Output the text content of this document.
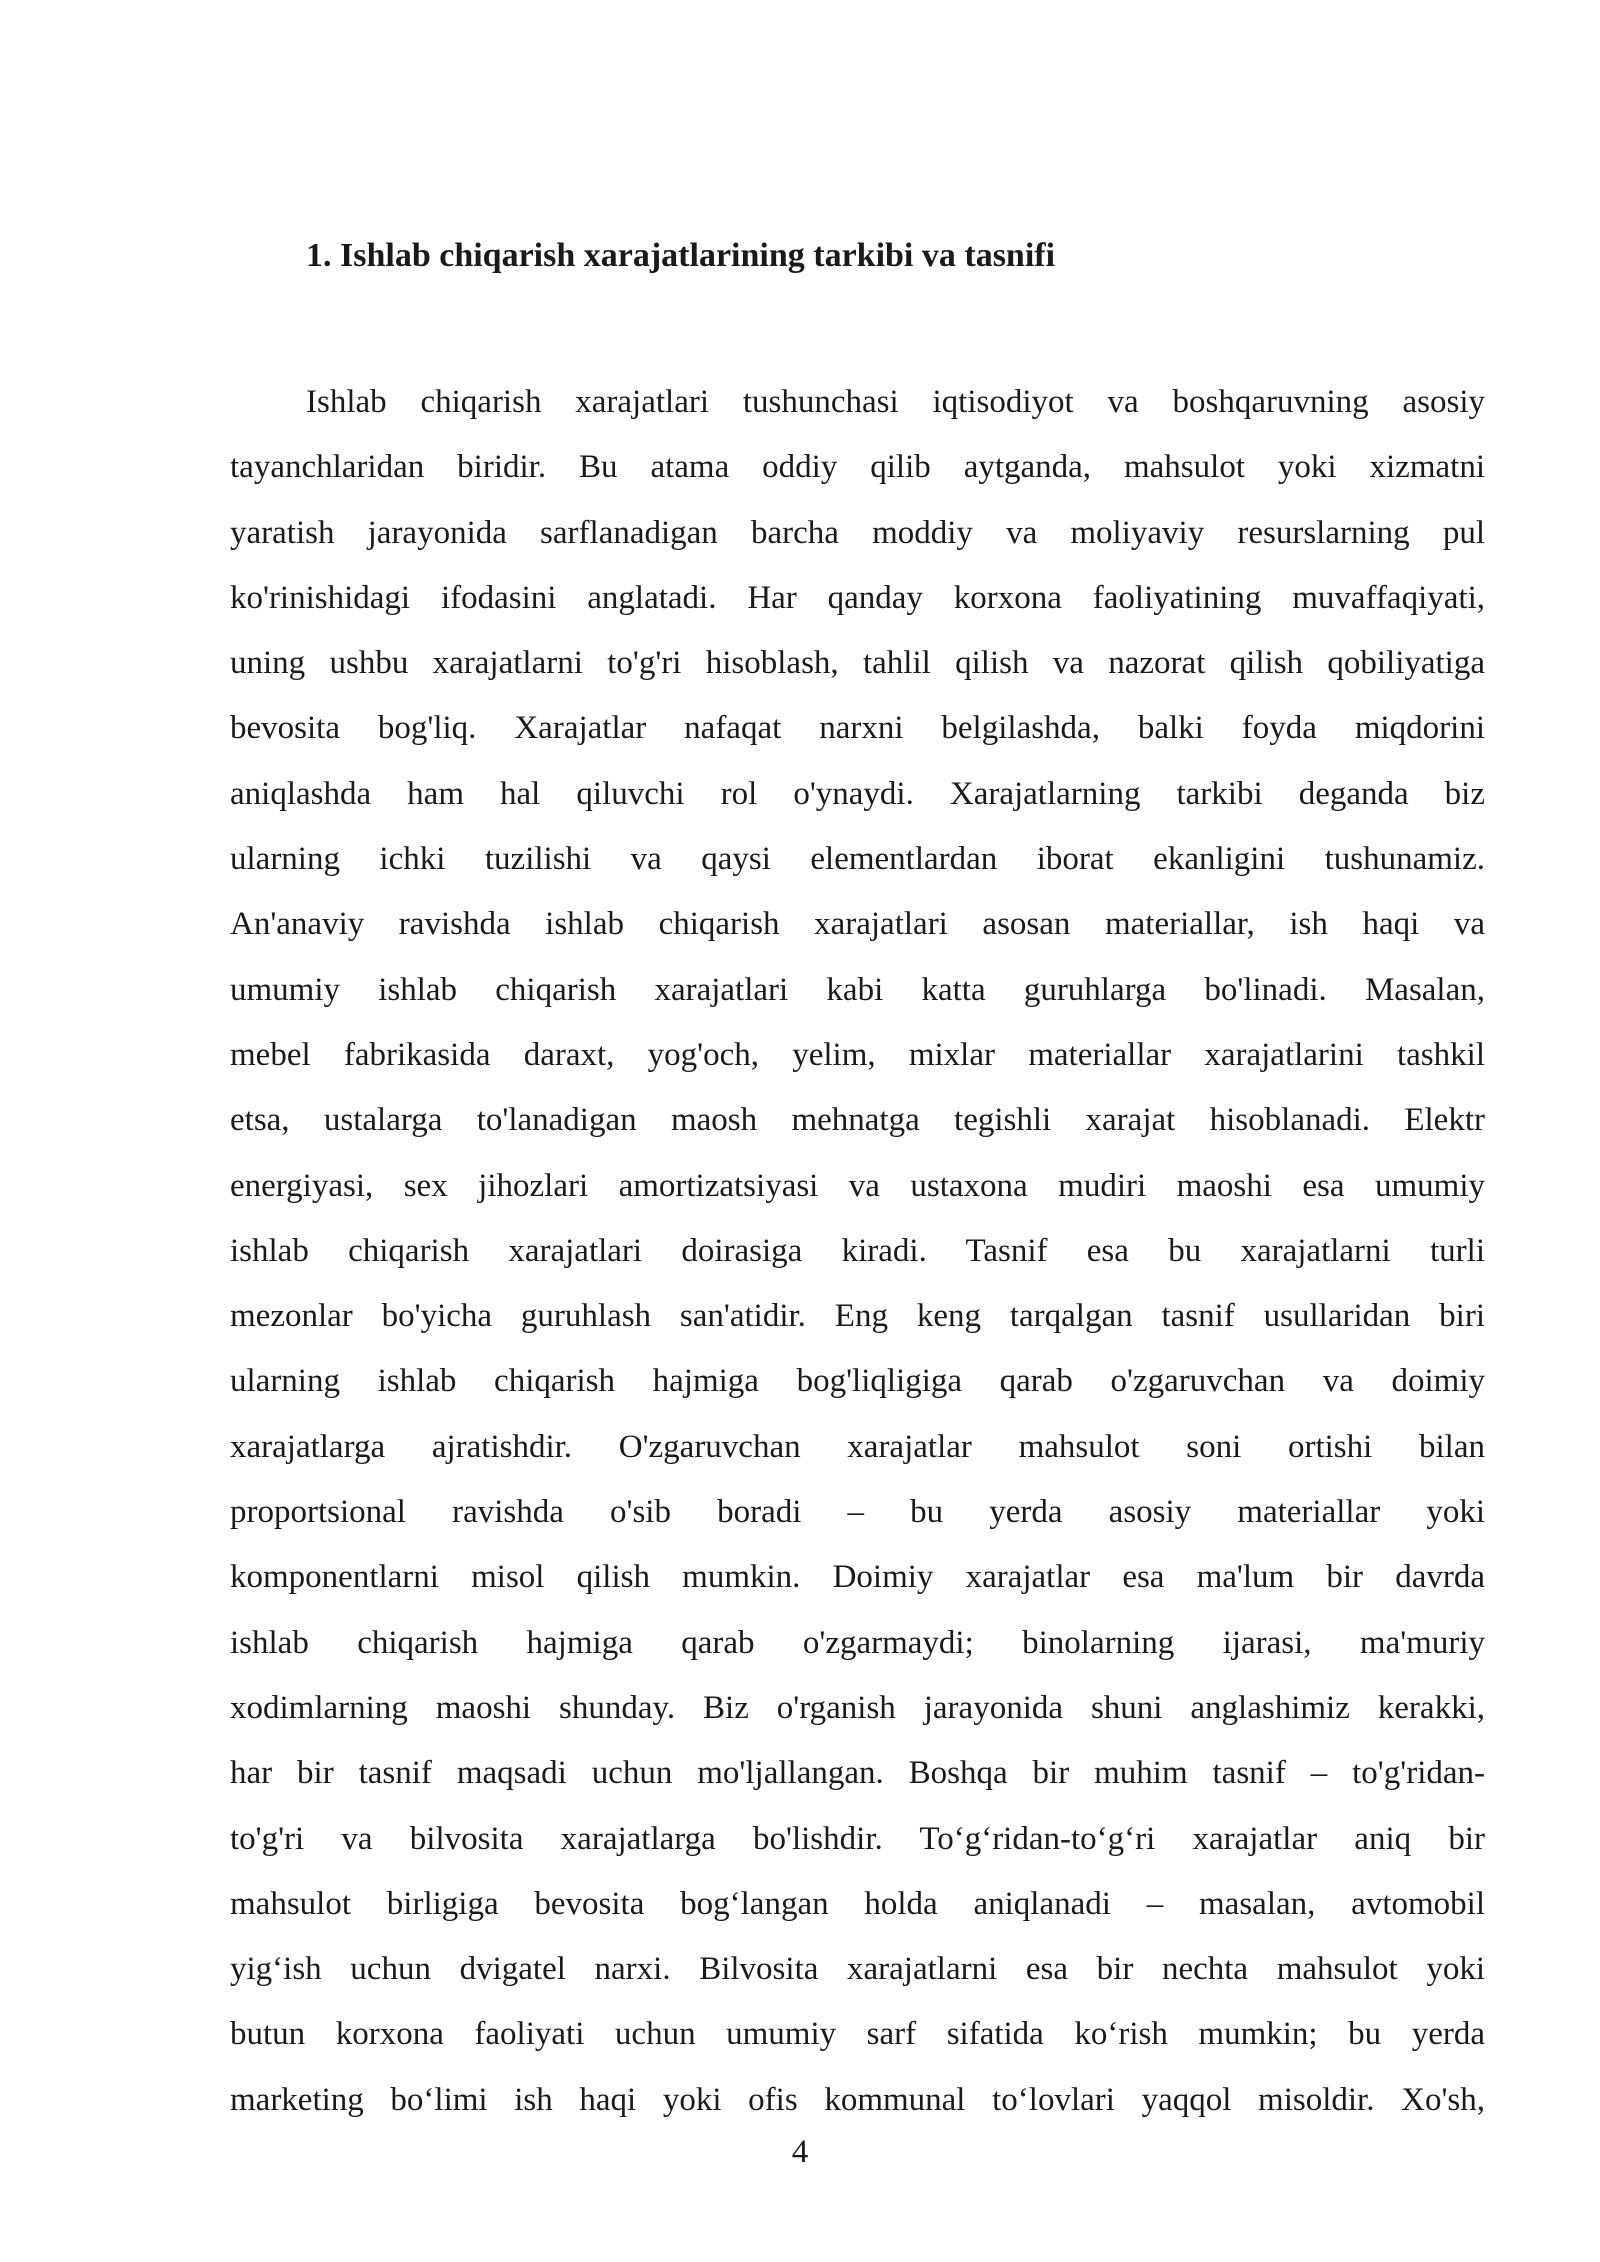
1. Ishlab chiqarish xarajatlarining tarkibi va tasnifi
Ishlab chiqarish xarajatlari tushunchasi iqtisodiyot va boshqaruvning asosiy
tayanchlaridan biridir. Bu atama oddiy qilib aytganda, mahsulot yoki xizmatni
yaratish jarayonida sarflanadigan barcha moddiy va moliyaviy resurslarning pul
ko'rinishidagi ifodasini anglatadi. Har qanday korxona faoliyatining muvaffaqiyati,
uning ushbu xarajatlarni to'g'ri hisoblash, tahlil qilish va nazorat qilish qobiliyatiga
bevosita bog'liq. Xarajatlar nafaqat narxni belgilashda, balki foyda miqdorini
aniqlashda ham hal qiluvchi rol o'ynaydi. Xarajatlarning tarkibi deganda biz
ularning ichki tuzilishi va qaysi elementlardan iborat ekanligini tushunamiz.
An'anaviy ravishda ishlab chiqarish xarajatlari asosan materiallar, ish haqi va
umumiy ishlab chiqarish xarajatlari kabi katta guruhlarga bo'linadi. Masalan,
mebel fabrikasida daraxt, yog'och, yelim, mixlar materiallar xarajatlarini tashkil
etsa, ustalarga to'lanadigan maosh mehnatga tegishli xarajat hisoblanadi. Elektr
energiyasi, sex jihozlari amortizatsiyasi va ustaxona mudiri maoshi esa umumiy
ishlab chiqarish xarajatlari doirasiga kiradi. Tasnif esa bu xarajatlarni turli
mezonlar bo'yicha guruhlash san'atidir. Eng keng tarqalgan tasnif usullaridan biri
ularning ishlab chiqarish hajmiga bog'liqligiga qarab o'zgaruvchan va doimiy
xarajatlarga ajratishdir. O'zgaruvchan xarajatlar mahsulot soni ortishi bilan
proportsional ravishda o'sib boradi – bu yerda asosiy materiallar yoki
komponentlarni misol qilish mumkin. Doimiy xarajatlar esa ma'lum bir davrda
ishlab chiqarish hajmiga qarab o'zgarmaydi; binolarning ijarasi, ma'muriy
xodimlarning maoshi shunday. Biz o'rganish jarayonida shuni anglashimiz kerakki,
har bir tasnif maqsadi uchun mo'ljallangan. Boshqa bir muhim tasnif – to'g'ridan-
to'g'ri va bilvosita xarajatlarga bo'lishdir. To‘g‘ridan-to‘g‘ri xarajatlar aniq bir
mahsulot birligiga bevosita bog‘langan holda aniqlanadi – masalan, avtomobil
yig‘ish uchun dvigatel narxi. Bilvosita xarajatlarni esa bir nechta mahsulot yoki
butun korxona faoliyati uchun umumiy sarf sifatida ko‘rish mumkin; bu yerda
marketing bo‘limi ish haqi yoki ofis kommunal to‘lovlari yaqqol misoldir. Xo'sh,
4
